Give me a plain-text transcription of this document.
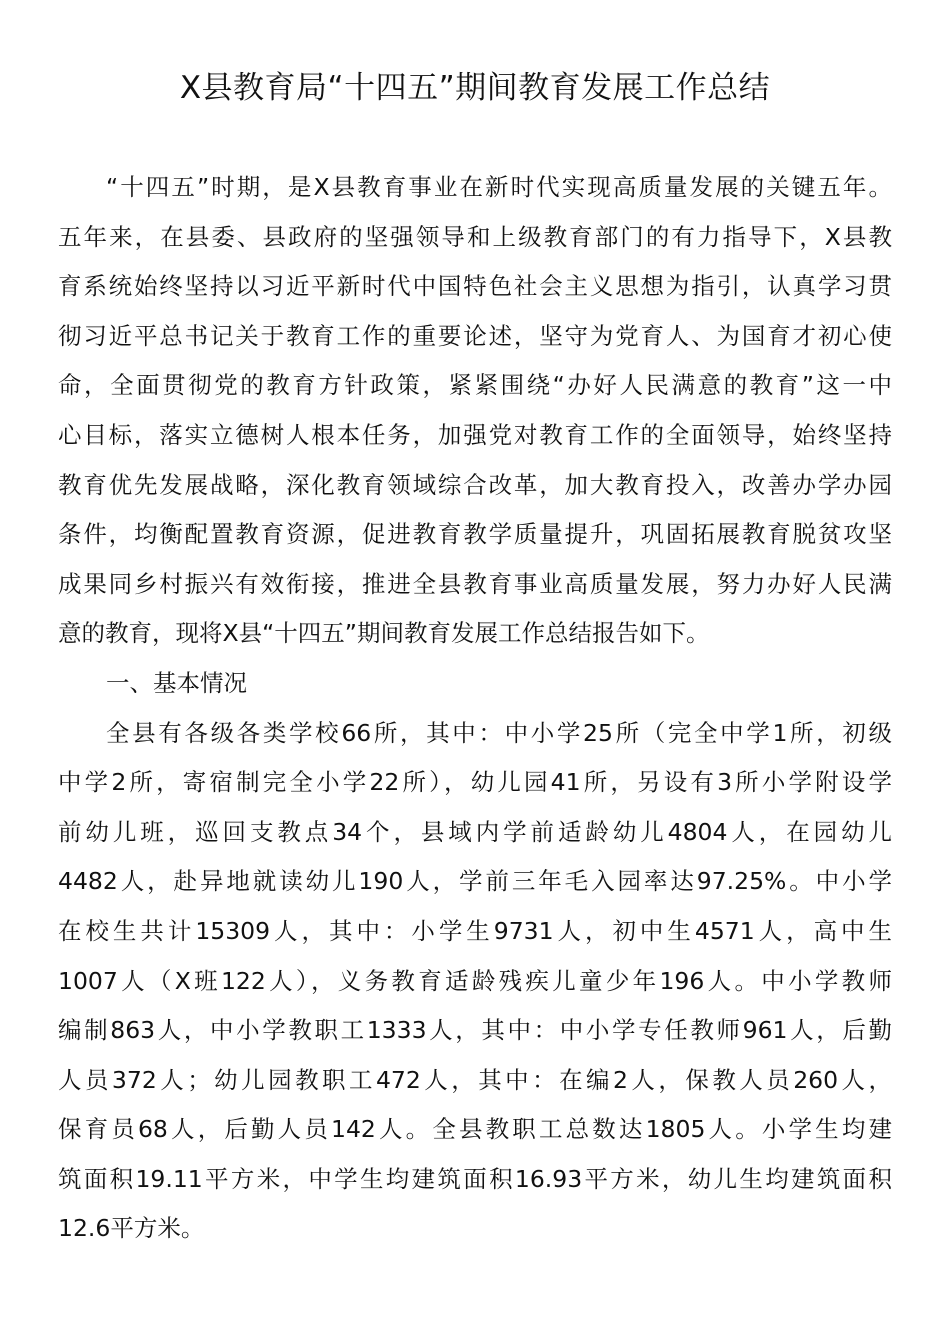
X县教育局“十四五”期间教育发展工作总结
“十四五”时期，是X县教育事业在新时代实现高质量发展的关键五年。
五年来，在县委、县政府的坚强领导和上级教育部门的有力指导下，X县教
育系统始终坚持以习近平新时代中国特色社会主义思想为指引，认真学习贯
彻习近平总书记关于教育工作的重要论述，坚守为党育人、为国育才初心使
命，全面贯彻党的教育方针政策，紧紧围绕“办好人民满意的教育”这一中
心目标，落实立德树人根本任务，加强党对教育工作的全面领导，始终坚持
教育优先发展战略，深化教育领域综合改革，加大教育投入，改善办学办园
条件，均衡配置教育资源，促进教育教学质量提升，巩固拓展教育脱贫攻坚
成果同乡村振兴有效衔接，推进全县教育事业高质量发展，努力办好人民满
意的教育，现将X县“十四五”期间教育发展工作总结报告如下。
一、基本情况
全县有各级各类学校66所，其中：中小学25所（完全中学1所，初级
中学2所，寄宿制完全小学22所），幼儿园41所，另设有3所小学附设学
前幼儿班，巡回支教点34个，县域内学前适龄幼儿4804人，在园幼儿
4482人，赴异地就读幼儿190人，学前三年毛入园率达97.25%。中小学
在校生共计15309人，其中：小学生9731人，初中生4571人，高中生
1007人（X班122人），义务教育适龄残疾儿童少年196人。中小学教师
编制863人，中小学教职工1333人，其中：中小学专任教师961人，后勤
人员372人；幼儿园教职工472人，其中：在编2人，保教人员260人，
保育员68人，后勤人员142人。全县教职工总数达1805人。小学生均建
筑面积19.11平方米，中学生均建筑面积16.93平方米，幼儿生均建筑面积
12.6平方米。
